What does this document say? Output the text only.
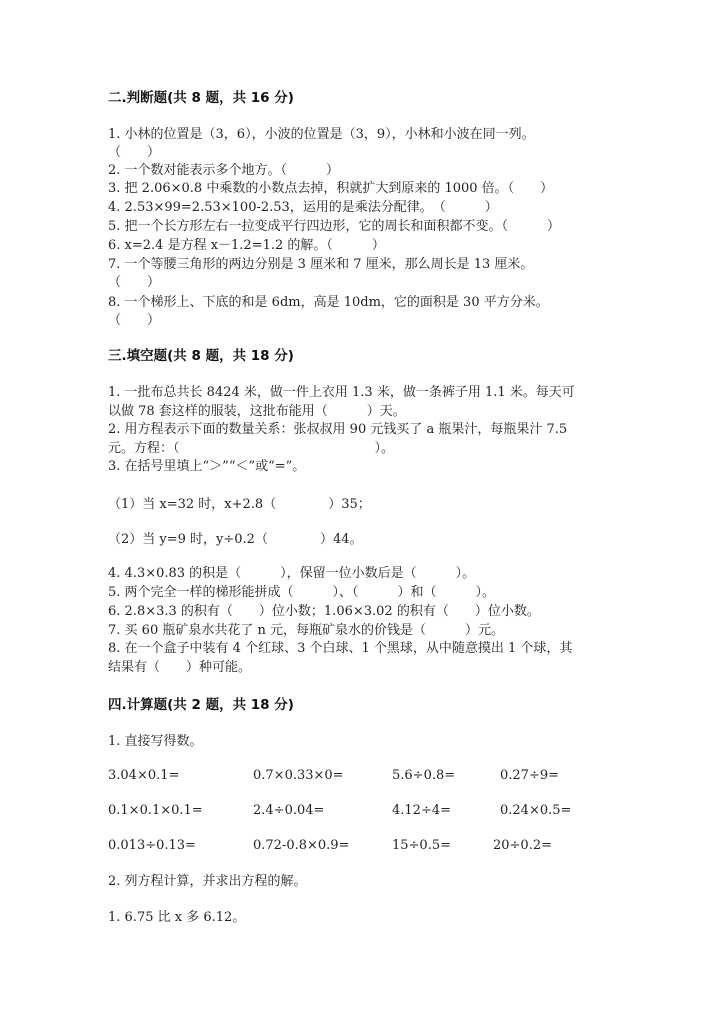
二.判断题(共 8 题，共 16 分)
1. 小林的位置是（3，6），小波的位置是（3，9），小林和小波在同一列。
（　　）
2. 一个数对能表示多个地方。（　　　）
3. 把 2.06×0.8 中乘数的小数点去掉，积就扩大到原来的 1000 倍。（　　）
4. 2.53×99=2.53×100-2.53，运用的是乘法分配律。　（　　　）
5. 把一个长方形左右一拉变成平行四边形，它的周长和面积都不变。（　　　）
6. x=2.4 是方程 x－1.2=1.2 的解。（　　　）
7. 一个等腰三角形的两边分别是 3 厘米和 7 厘米，那么周长是 13 厘米。
（　　）
8. 一个梯形上、下底的和是 6dm，高是 10dm，它的面积是 30 平方分米。
（　　）
三.填空题(共 8 题，共 18 分)
1. 一批布总共长 8424 米，做一件上衣用 1.3 米，做一条裤子用 1.1 米。每天可
以做 78 套这样的服装，这批布能用（　　　）天。
2. 用方程表示下面的数量关系：张叔叔用 90 元钱买了 a 瓶果汁，每瓶果汁 7.5
元。方程：（　　　　　　　　　　　　　　　）。
3. 在括号里填上“＞”“＜”或“=”。
（1）当 x=32 时，x+2.8（　　　　）35；
（2）当 y=9 时，y÷0.2（　　　　）44。
4. 4.3×0.83 的积是（　　　），保留一位小数后是（　　　）。
5. 两个完全一样的梯形能拼成（　　　）、（　　　）和（　　　）。
6. 2.8×3.3 的积有（　　）位小数；1.06×3.02 的积有（　　）位小数。
7. 买 60 瓶矿泉水共花了 n 元，每瓶矿泉水的价钱是（　　　）元。
8. 在一个盒子中装有 4 个红球、3 个白球、1 个黑球，从中随意摸出 1 个球，其
结果有（　　）种可能。
四.计算题(共 2 题，共 18 分)
1. 直接写得数。
3.04×0.1=	0.7×0.33×0=	5.6÷0.8=	0.27÷9=
0.1×0.1×0.1=	2.4÷0.04=	4.12÷4=	0.24×0.5=
0.013÷0.13=	0.72-0.8×0.9=	15÷0.5=	20÷0.2=
2. 列方程计算，并求出方程的解。
1. 6.75 比 x 多 6.12。
